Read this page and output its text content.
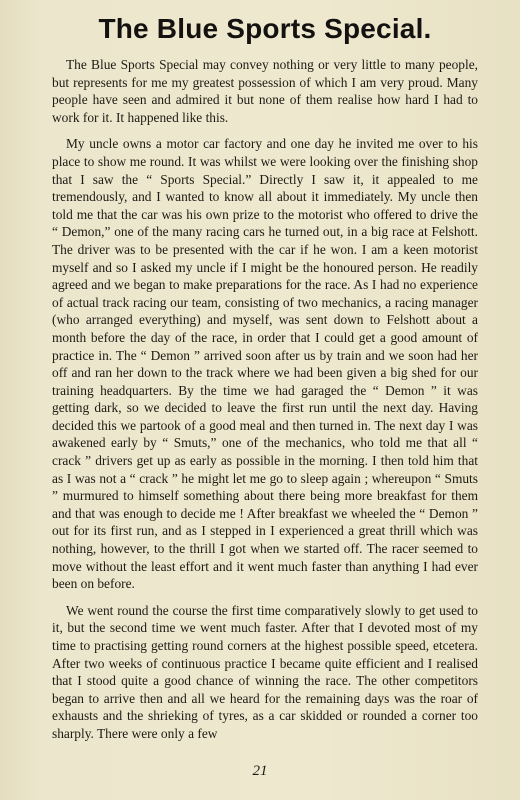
The Blue Sports Special.

The Blue Sports Special may convey nothing or very little to many people, but represents for me my greatest possession of which I am very proud. Many people have seen and admired it but none of them realise how hard I had to work for it. It happened like this.

My uncle owns a motor car factory and one day he invited me over to his place to show me round. It was whilst we were looking over the finishing shop that I saw the “ Sports Special.” Directly I saw it, it appealed to me tremendously, and I wanted to know all about it immediately. My uncle then told me that the car was his own prize to the motorist who offered to drive the “ Demon,” one of the many racing cars he turned out, in a big race at Felshott. The driver was to be presented with the car if he won. I am a keen motorist myself and so I asked my uncle if I might be the honoured person. He readily agreed and we began to make preparations for the race. As I had no experience of actual track racing our team, consisting of two mechanics, a racing manager (who arranged everything) and myself, was sent down to Felshott about a month before the day of the race, in order that I could get a good amount of practice in. The “ Demon ” arrived soon after us by train and we soon had her off and ran her down to the track where we had been given a big shed for our training headquarters. By the time we had garaged the “ Demon ” it was getting dark, so we decided to leave the first run until the next day. Having decided this we partook of a good meal and then turned in. The next day I was awakened early by “ Smuts,” one of the mechanics, who told me that all “ crack ” drivers get up as early as possible in the morning. I then told him that as I was not a “ crack ” he might let me go to sleep again ; whereupon “ Smuts ” murmured to himself something about there being more breakfast for them and that was enough to decide me ! After breakfast we wheeled the “ Demon ” out for its first run, and as I stepped in I experienced a great thrill which was nothing, however, to the thrill I got when we started off. The racer seemed to move without the least effort and it went much faster than anything I had ever been on before.

We went round the course the first time comparatively slowly to get used to it, but the second time we went much faster. After that I devoted most of my time to practising getting round corners at the highest possible speed, etcetera. After two weeks of continuous practice I became quite efficient and I realised that I stood quite a good chance of winning the race. The other competitors began to arrive then and all we heard for the remaining days was the roar of exhausts and the shrieking of tyres, as a car skidded or rounded a corner too sharply. There were only a few

21
